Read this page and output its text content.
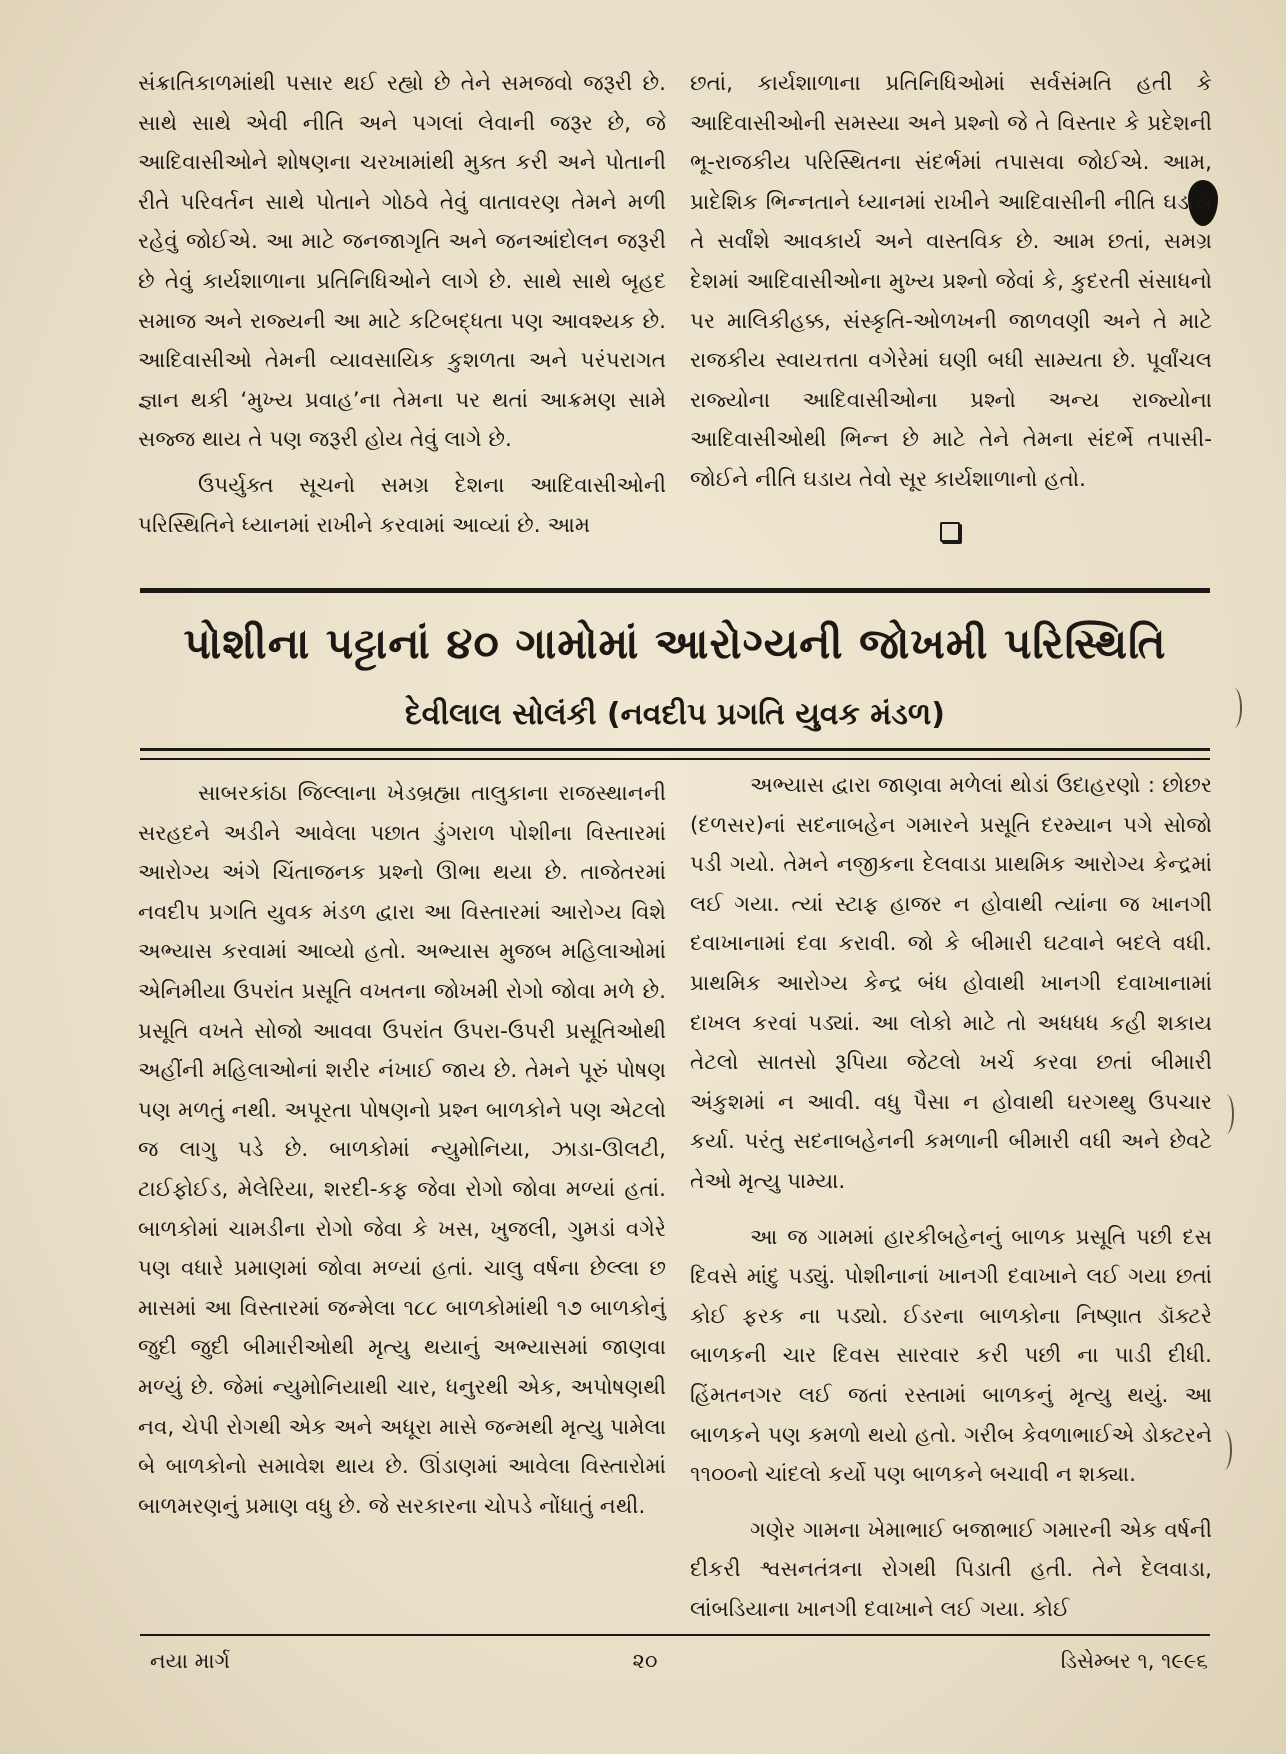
સંક્રાતિકાળમાંથી પસાર થઈ રહ્યો છે તેને સમજવો જરૂરી છે. સાથે સાથે એવી નીતિ અને પગલાં લેવાની જરૂર છે, જે આદિવાસીઓને શોષણના ચરખામાંથી મુક્ત કરી અને પોતાની રીતે પરિવર્તન સાથે પોતાને ગોઠવે તેવું વાતાવરણ તેમને મળી રહેવું જોઈએ. આ માટે જનજાગૃતિ અને જનઆંદોલન જરૂરી છે તેવું કાર્યશાળાના પ્રતિનિધિઓને લાગે છે. સાથે સાથે બૃહદ સમાજ અને રાજ્યની આ માટે કટિબદ્ધતા પણ આવશ્યક છે. આદિવાસીઓ તેમની વ્યાવસાયિક કુશળતા અને પરંપરાગત જ્ઞાન થકી ‘મુખ્ય પ્રવાહ’ના તેમના પર થતાં આક્રમણ સામે સજ્જ થાય તે પણ જરૂરી હોય તેવું લાગે છે.

ઉપર્યુક્ત સૂચનો સમગ્ર દેશના આદિવાસીઓની પરિસ્થિતિને ધ્યાનમાં રાખીને કરવામાં આવ્યાં છે. આમ

છતાં, કાર્યશાળાના પ્રતિનિધિઓમાં સર્વસંમતિ હતી કે આદિવાસીઓની સમસ્યા અને પ્રશ્નો જે તે વિસ્તાર કે પ્રદેશની ભૂ-રાજકીય પરિસ્થિતના સંદર્ભમાં તપાસવા જોઈએ. આમ, પ્રાદેશિક ભિન્નતાને ધ્યાનમાં રાખીને આદિવાસીની નીતિ ઘડાય તે સર્વાંશે આવકાર્ય અને વાસ્તવિક છે. આમ છતાં, સમગ્ર દેશમાં આદિવાસીઓના મુખ્ય પ્રશ્નો જેવાં કે, કુદરતી સંસાધનો પર માલિકીહક્ક, સંસ્કૃતિ-ઓળખની જાળવણી અને તે માટે રાજકીય સ્વાયત્તતા વગેરેમાં ઘણી બધી સામ્યતા છે. પૂર્વાંચલ રાજ્યોના આદિવાસીઓના પ્રશ્નો અન્ય રાજ્યોના આદિવાસીઓથી ભિન્ન છે માટે તેને તેમના સંદર્ભે તપાસી-જોઈને નીતિ ઘડાય તેવો સૂર કાર્યશાળાનો હતો.

પોશીના પટ્ટાનાં ૪૦ ગામોમાં આરોગ્યની જોખમી પરિસ્થિતિ
દેવીલાલ સોલંકી (નવદીપ પ્રગતિ યુવક મંડળ)

સાબરકાંઠા જિલ્લાના ખેડબ્રહ્મા તાલુકાના રાજસ્થાનની સરહદને અડીને આવેલા પછાત ડુંગરાળ પોશીના વિસ્તારમાં આરોગ્ય અંગે ચિંતાજનક પ્રશ્નો ઊભા થયા છે. તાજેતરમાં નવદીપ પ્રગતિ યુવક મંડળ દ્વારા આ વિસ્તારમાં આરોગ્ય વિશે અભ્યાસ કરવામાં આવ્યો હતો. અભ્યાસ મુજબ મહિલાઓમાં એનિમીયા ઉપરાંત પ્રસૂતિ વખતના જોખમી રોગો જોવા મળે છે. પ્રસૂતિ વખતે સોજો આવવા ઉપરાંત ઉપરા-ઉપરી પ્રસૂતિઓથી અહીંની મહિલાઓનાં શરીર નંખાઈ જાય છે. તેમને પૂરું પોષણ પણ મળતું નથી. અપૂરતા પોષણનો પ્રશ્ન બાળકોને પણ એટલો જ લાગુ પડે છે. બાળકોમાં ન્યુમોનિયા, ઝાડા-ઊલટી, ટાઈફોઈડ, મેલેરિયા, શરદી-કફ જેવા રોગો જોવા મળ્યાં હતાં. બાળકોમાં ચામડીના રોગો જેવા કે ખસ, ખુજલી, ગુમડાં વગેરે પણ વધારે પ્રમાણમાં જોવા મળ્યાં હતાં. ચાલુ વર્ષના છેલ્લા છ માસમાં આ વિસ્તારમાં જન્મેલા ૧૮૮ બાળકોમાંથી ૧૭ બાળકોનું જુદી જુદી બીમારીઓથી મૃત્યુ થયાનું અભ્યાસમાં જાણવા મળ્યું છે. જેમાં ન્યુમોનિયાથી ચાર, ધનુરથી એક, અપોષણથી નવ, ચેપી રોગથી એક અને અધૂરા માસે જન્મથી મૃત્યુ પામેલા બે બાળકોનો સમાવેશ થાય છે. ઊંડાણમાં આવેલા વિસ્તારોમાં બાળમરણનું પ્રમાણ વધુ છે. જે સરકારના ચોપડે નોંધાતું નથી.

અભ્યાસ દ્વારા જાણવા મળેલાં થોડાં ઉદાહરણો : છોછર (દળસર)નાં સદનાબહેન ગમારને પ્રસૂતિ દરમ્યાન પગે સોજો પડી ગયો. તેમને નજીકના દેલવાડા પ્રાથમિક આરોગ્ય કેન્દ્રમાં લઈ ગયા. ત્યાં સ્ટાફ હાજર ન હોવાથી ત્યાંના જ ખાનગી દવાખાનામાં દવા કરાવી. જો કે બીમારી ઘટવાને બદલે વધી. પ્રાથમિક આરોગ્ય કેન્દ્ર બંધ હોવાથી ખાનગી દવાખાનામાં દાખલ કરવાં પડ્યાં. આ લોકો માટે તો અધધધ કહી શકાય તેટલો સાતસો રૂપિયા જેટલો ખર્ચ કરવા છતાં બીમારી અંકુશમાં ન આવી. વધુ પૈસા ન હોવાથી ઘરગથ્થુ ઉપચાર કર્યા. પરંતુ સદનાબહેનની કમળાની બીમારી વધી અને છેવટે તેઓ મૃત્યુ પામ્યા.

આ જ ગામમાં હારકીબહેનનું બાળક પ્રસૂતિ પછી દસ દિવસે માંદુ પડ્યું. પોશીનાનાં ખાનગી દવાખાને લઈ ગયા છતાં કોઈ ફરક ના પડ્યો. ઈડરના બાળકોના નિષ્ણાત ડૉક્ટરે બાળકની ચાર દિવસ સારવાર કરી પછી ના પાડી દીધી. હિંમતનગર લઈ જતાં રસ્તામાં બાળકનું મૃત્યુ થયું. આ બાળકને પણ કમળો થયો હતો. ગરીબ કેવળાભાઈએ ડોક્ટરને ૧૧૦૦નો ચાંદલો કર્યો પણ બાળકને બચાવી ન શક્યા.

ગણેર ગામના ખેમાભાઈ બજાભાઈ ગમારની એક વર્ષની દીકરી શ્વસનતંત્રના રોગથી પિડાતી હતી. તેને દેલવાડા, લાંબડિયાના ખાનગી દવાખાને લઈ ગયા. કોઈ

નયા માર્ગ	૨૦	ડિસેમ્બર ૧, ૧૯૯૬
